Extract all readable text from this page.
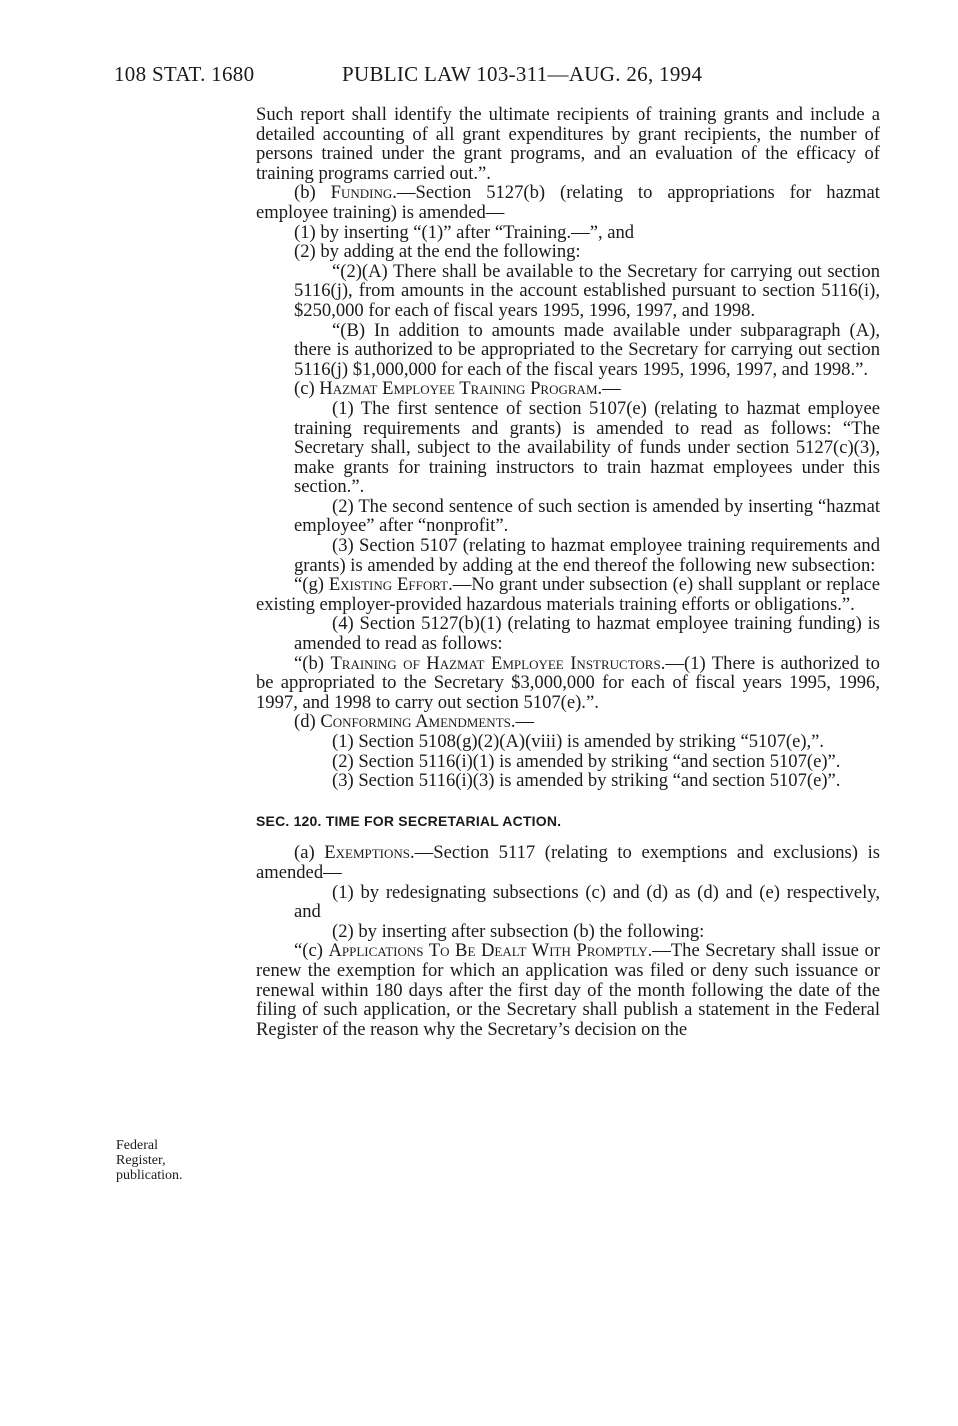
108 STAT. 1680	PUBLIC LAW 103-311—AUG. 26, 1994
Federal
Register,
publication.

Such report shall identify the ultimate recipients of training grants and include a detailed accounting of all grant expenditures by grant recipients, the number of persons trained under the grant programs, and an evaluation of the efficacy of training programs carried out.”.

(b) Funding.—Section 5127(b) (relating to appropriations for hazmat employee training) is amended—

(1) by inserting “(1)” after “Training.—”, and

(2) by adding at the end the following:

“(2)(A) There shall be available to the Secretary for carrying out section 5116(j), from amounts in the account established pursuant to section 5116(i), $250,000 for each of fiscal years 1995, 1996, 1997, and 1998.

“(B) In addition to amounts made available under subparagraph (A), there is authorized to be appropriated to the Secretary for carrying out section 5116(j) $1,000,000 for each of the fiscal years 1995, 1996, 1997, and 1998.”.

(c) Hazmat Employee Training Program.—

(1) The first sentence of section 5107(e) (relating to hazmat employee training requirements and grants) is amended to read as follows: “The Secretary shall, subject to the availability of funds under section 5127(c)(3), make grants for training instructors to train hazmat employees under this section.”.

(2) The second sentence of such section is amended by inserting “hazmat employee” after “nonprofit”.

(3) Section 5107 (relating to hazmat employee training requirements and grants) is amended by adding at the end thereof the following new subsection:

“(g) Existing Effort.—No grant under subsection (e) shall supplant or replace existing employer-provided hazardous materials training efforts or obligations.”.

(4) Section 5127(b)(1) (relating to hazmat employee training funding) is amended to read as follows:

“(b) Training of Hazmat Employee Instructors.—(1) There is authorized to be appropriated to the Secretary $3,000,000 for each of fiscal years 1995, 1996, 1997, and 1998 to carry out section 5107(e).”.

(d) Conforming Amendments.—

(1) Section 5108(g)(2)(A)(viii) is amended by striking “5107(e),”.

(2) Section 5116(i)(1) is amended by striking “and section 5107(e)”.

(3) Section 5116(i)(3) is amended by striking “and section 5107(e)”.

SEC. 120. TIME FOR SECRETARIAL ACTION.

(a) Exemptions.—Section 5117 (relating to exemptions and exclusions) is amended—

(1) by redesignating subsections (c) and (d) as (d) and (e) respectively, and

(2) by inserting after subsection (b) the following:

“(c) Applications To Be Dealt With Promptly.—The Secretary shall issue or renew the exemption for which an application was filed or deny such issuance or renewal within 180 days after the first day of the month following the date of the filing of such application, or the Secretary shall publish a statement in the Federal Register of the reason why the Secretary’s decision on the
